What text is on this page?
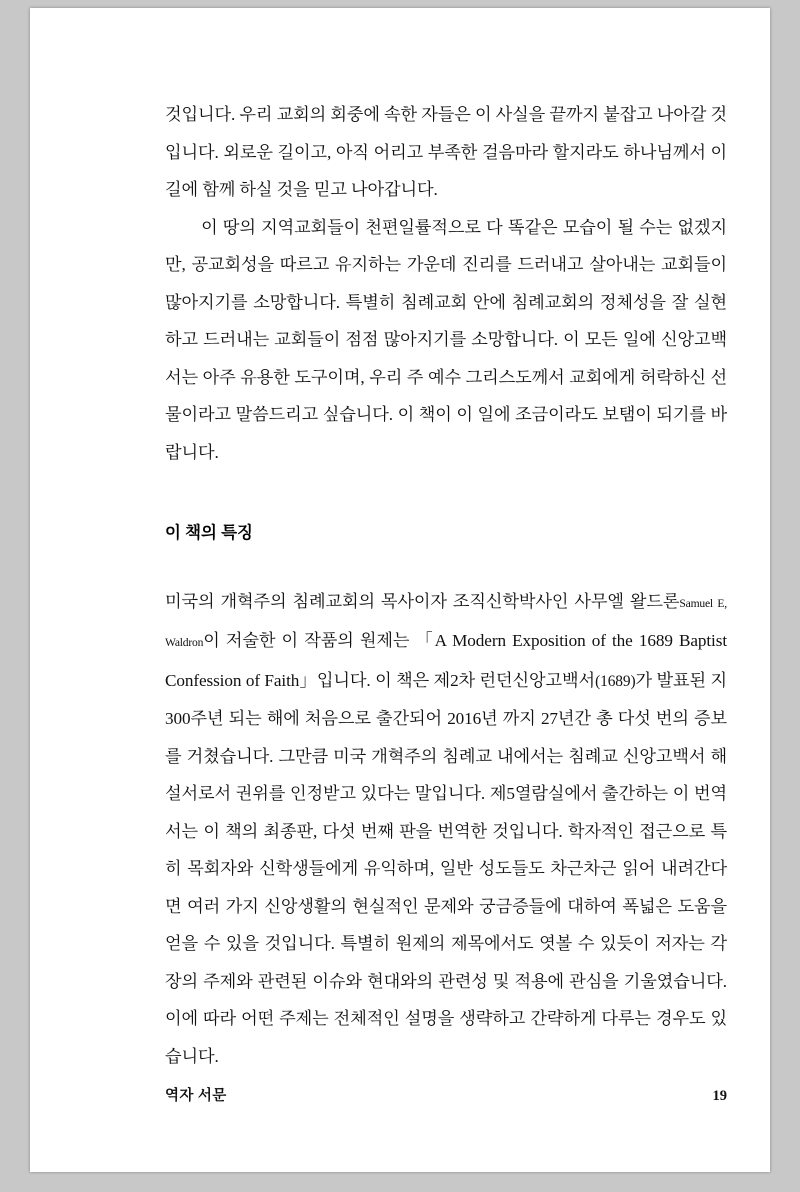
것입니다. 우리 교회의 회중에 속한 자들은 이 사실을 끝까지 붙잡고 나아갈 것입니다. 외로운 길이고, 아직 어리고 부족한 걸음마라 할지라도 하나님께서 이 길에 함께 하실 것을 믿고 나아갑니다.

이 땅의 지역교회들이 천편일률적으로 다 똑같은 모습이 될 수는 없겠지만, 공교회성을 따르고 유지하는 가운데 진리를 드러내고 살아내는 교회들이 많아지기를 소망합니다. 특별히 침례교회 안에 침례교회의 정체성을 잘 실현하고 드러내는 교회들이 점점 많아지기를 소망합니다. 이 모든 일에 신앙고백서는 아주 유용한 도구이며, 우리 주 예수 그리스도께서 교회에게 허락하신 선물이라고 말씀드리고 싶습니다. 이 책이 이 일에 조금이라도 보탬이 되기를 바랍니다.

이 책의 특징

미국의 개혁주의 침례교회의 목사이자 조직신학박사인 사무엘 왈드론Samuel E, Waldron이 저술한 이 작품의 원제는 「A Modern Exposition of the 1689 Baptist Confession of Faith」입니다. 이 책은 제2차 런던신앙고백서(1689)가 발표된 지 300주년 되는 해에 처음으로 출간되어 2016년 까지 27년간 총 다섯 번의 증보를 거쳤습니다. 그만큼 미국 개혁주의 침례교 내에서는 침례교 신앙고백서 해설서로서 권위를 인정받고 있다는 말입니다. 제5열람실에서 출간하는 이 번역서는 이 책의 최종판, 다섯 번째 판을 번역한 것입니다. 학자적인 접근으로 특히 목회자와 신학생들에게 유익하며, 일반 성도들도 차근차근 읽어 내려간다면 여러 가지 신앙생활의 현실적인 문제와 궁금증들에 대하여 폭넓은 도움을 얻을 수 있을 것입니다. 특별히 원제의 제목에서도 엿볼 수 있듯이 저자는 각 장의 주제와 관련된 이슈와 현대와의 관련성 및 적용에 관심을 기울였습니다. 이에 따라 어떤 주제는 전체적인 설명을 생략하고 간략하게 다루는 경우도 있습니다.

역자 서문	19
